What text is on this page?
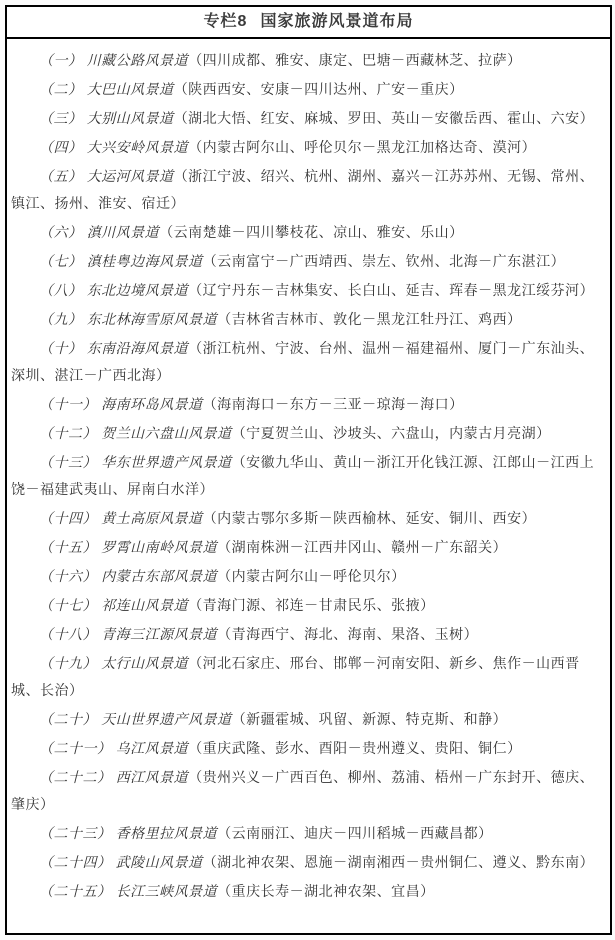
专栏8 国家旅游风景道布局

（一） 川藏公路风景道（四川成都、雅安、康定、巴塘－西藏林芝、拉萨）

（二） 大巴山风景道（陕西西安、安康－四川达州、广安－重庆）

（三） 大别山风景道（湖北大悟、红安、麻城、罗田、英山－安徽岳西、霍山、六安）

（四） 大兴安岭风景道（内蒙古阿尔山、呼伦贝尔－黑龙江加格达奇、漠河）

（五） 大运河风景道（浙江宁波、绍兴、杭州、湖州、嘉兴－江苏苏州、无锡、常州、镇江、扬州、淮安、宿迁）

（六） 滇川风景道（云南楚雄－四川攀枝花、凉山、雅安、乐山）

（七） 滇桂粤边海风景道（云南富宁－广西靖西、崇左、钦州、北海－广东湛江）

（八） 东北边境风景道（辽宁丹东－吉林集安、长白山、延吉、珲春－黑龙江绥芬河）

（九） 东北林海雪原风景道（吉林省吉林市、敦化－黑龙江牡丹江、鸡西）

（十） 东南沿海风景道（浙江杭州、宁波、台州、温州－福建福州、厦门－广东汕头、深圳、湛江－广西北海）

（十一） 海南环岛风景道（海南海口－东方－三亚－琼海－海口）

（十二） 贺兰山六盘山风景道（宁夏贺兰山、沙坡头、六盘山，内蒙古月亮湖）

（十三） 华东世界遗产风景道（安徽九华山、黄山－浙江开化钱江源、江郎山－江西上饶－福建武夷山、屏南白水洋）

（十四） 黄土高原风景道（内蒙古鄂尔多斯－陕西榆林、延安、铜川、西安）

（十五） 罗霄山南岭风景道（湖南株洲－江西井冈山、赣州－广东韶关）

（十六） 内蒙古东部风景道（内蒙古阿尔山－呼伦贝尔）

（十七） 祁连山风景道（青海门源、祁连－甘肃民乐、张掖）

（十八） 青海三江源风景道（青海西宁、海北、海南、果洛、玉树）

（十九） 太行山风景道（河北石家庄、邢台、邯郸－河南安阳、新乡、焦作－山西晋城、长治）

（二十） 天山世界遗产风景道（新疆霍城、巩留、新源、特克斯、和静）

（二十一） 乌江风景道（重庆武隆、彭水、酉阳－贵州遵义、贵阳、铜仁）

（二十二） 西江风景道（贵州兴义－广西百色、柳州、荔浦、梧州－广东封开、德庆、肇庆）

（二十三） 香格里拉风景道（云南丽江、迪庆－四川稻城－西藏昌都）

（二十四） 武陵山风景道（湖北神农架、恩施－湖南湘西－贵州铜仁、遵义、黔东南）

（二十五） 长江三峡风景道（重庆长寿－湖北神农架、宜昌）
